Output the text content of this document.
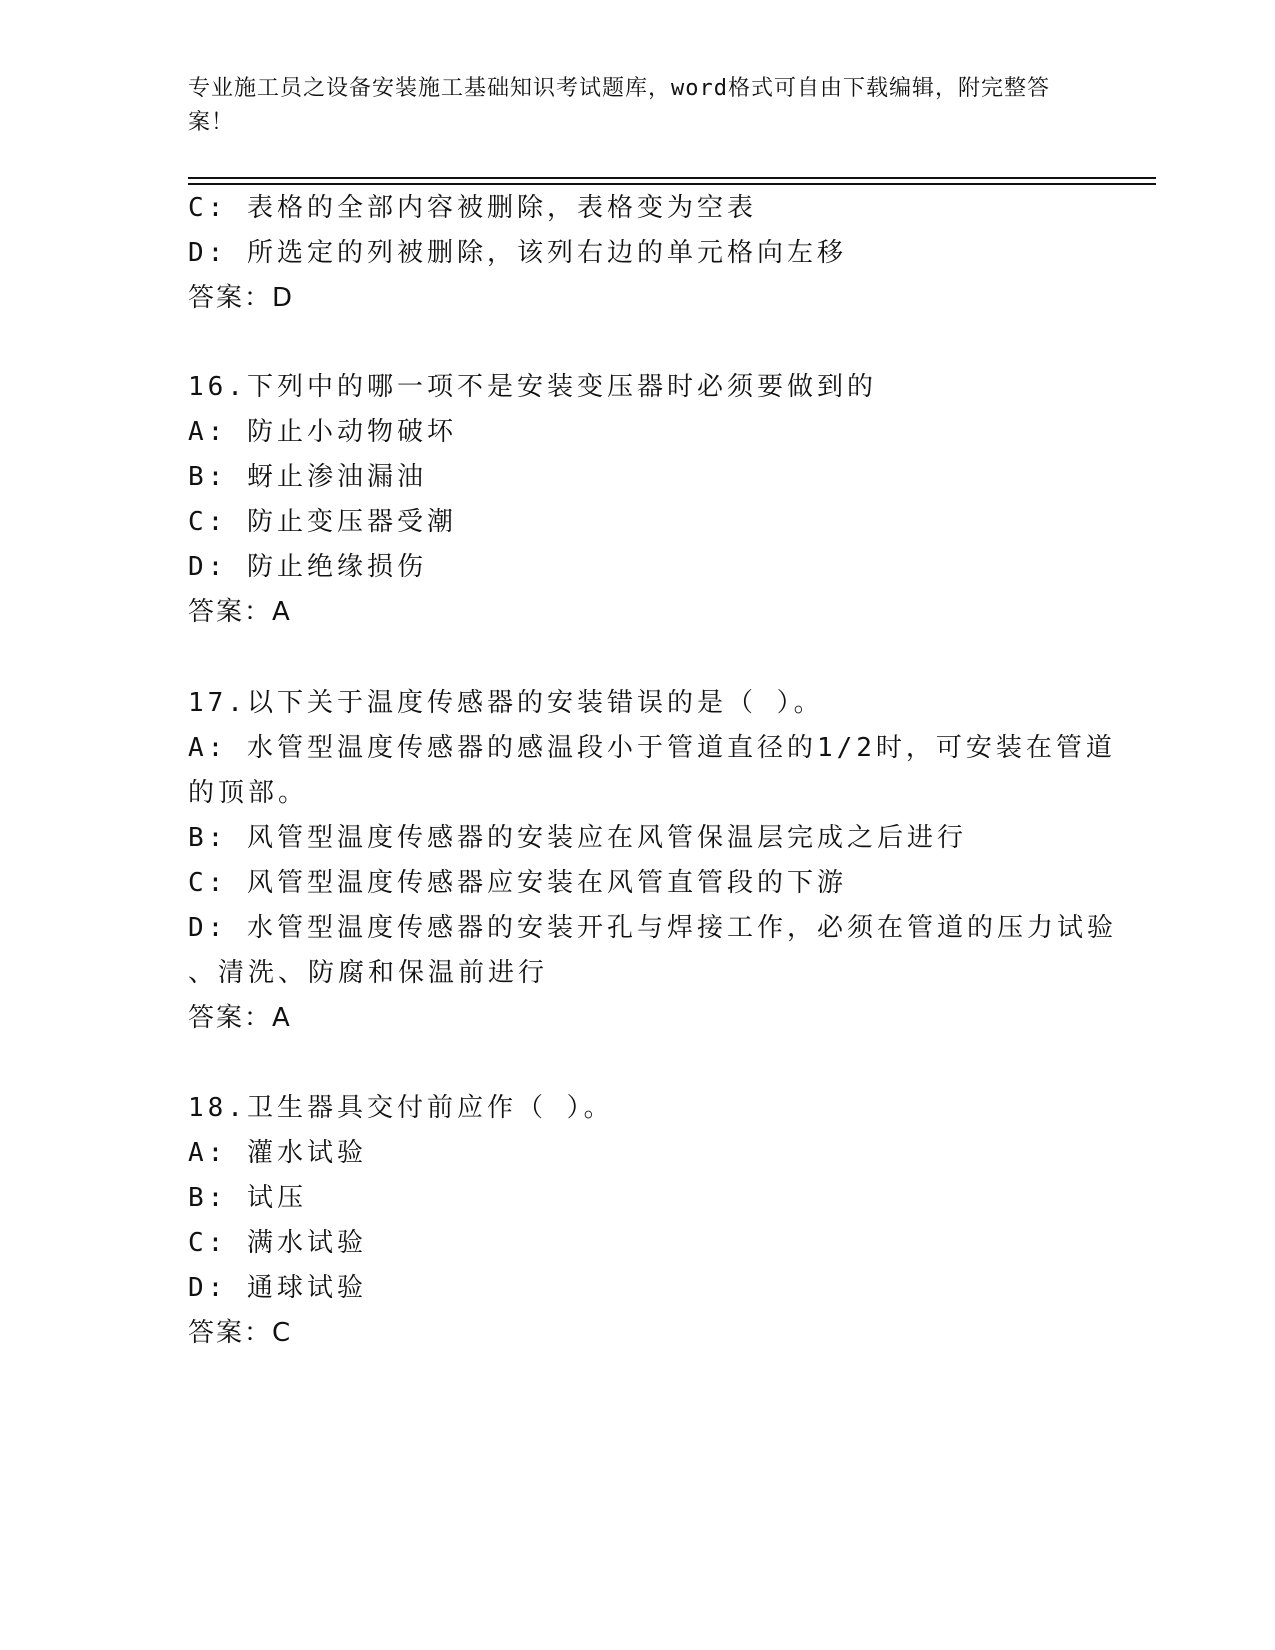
专业施工员之设备安装施工基础知识考试题库，word格式可自由下载编辑，附完整答案！
C: 表格的全部内容被删除，表格变为空表
D: 所选定的列被删除，该列右边的单元格向左移
答案：D
16.下列中的哪一项不是安装变压器时必须要做到的
A: 防止小动物破坏
B: 蚜止渗油漏油
C: 防止变压器受潮
D: 防止绝缘损伤
答案：A
17.以下关于温度传感器的安装错误的是（ ）。
A: 水管型温度传感器的感温段小于管道直径的1/2时，可安装在管道
的顶部。
B: 风管型温度传感器的安装应在风管保温层完成之后进行
C: 风管型温度传感器应安装在风管直管段的下游
D: 水管型温度传感器的安装开孔与焊接工作，必须在管道的压力试验
、清洗、防腐和保温前进行
答案：A
18.卫生器具交付前应作（ ）。
A: 灌水试验
B: 试压
C: 满水试验
D: 通球试验
答案：C
